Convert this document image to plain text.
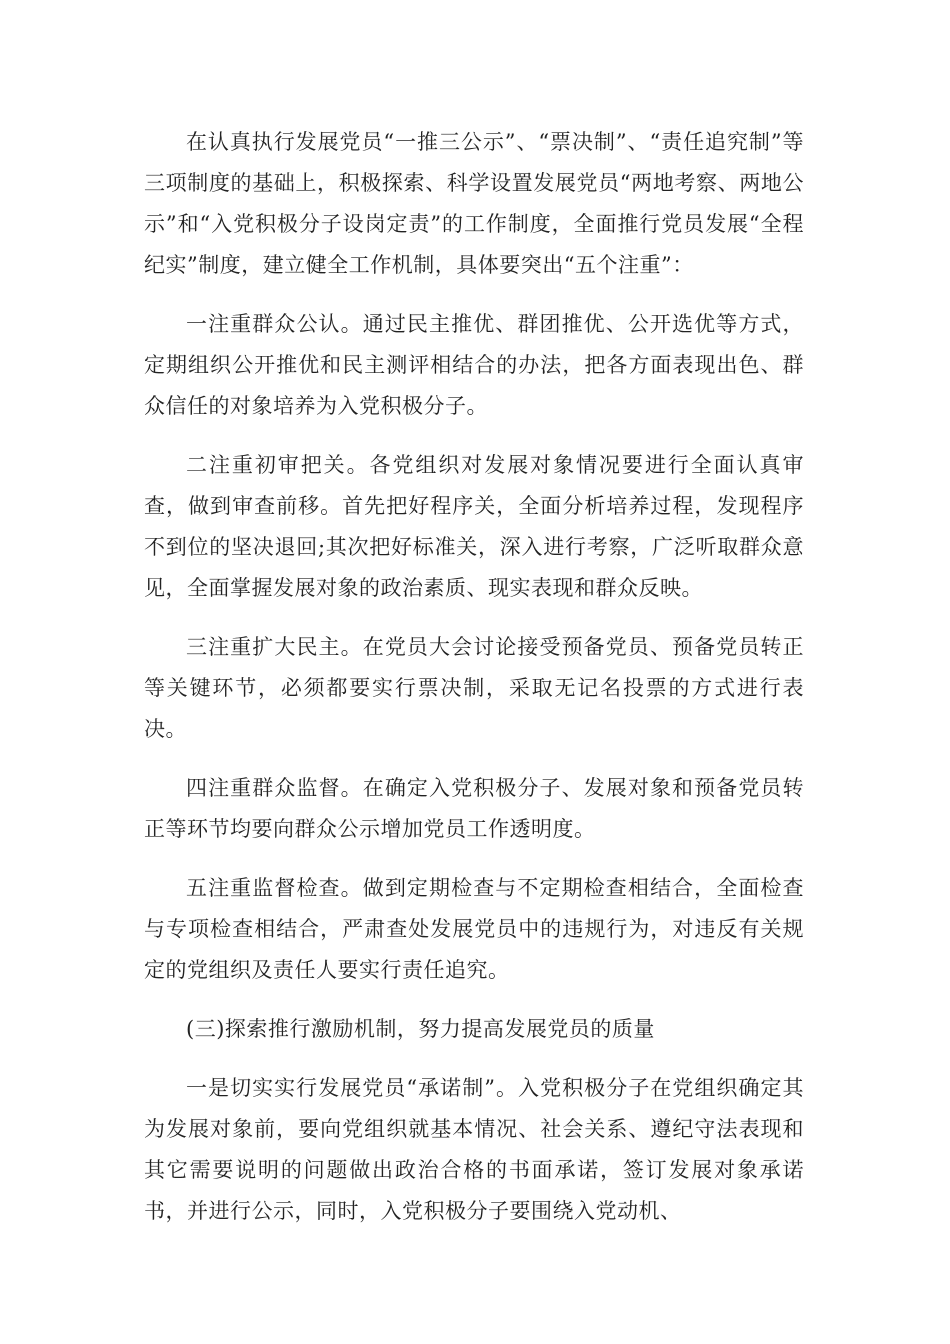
在认真执行发展党员“一推三公示”、“票决制”、“责任追究制”等三项制度的基础上，积极探索、科学设置发展党员“两地考察、两地公示”和“入党积极分子设岗定责”的工作制度，全面推行党员发展“全程纪实”制度，建立健全工作机制，具体要突出“五个注重”：

一注重群众公认。通过民主推优、群团推优、公开选优等方式，定期组织公开推优和民主测评相结合的办法，把各方面表现出色、群众信任的对象培养为入党积极分子。

二注重初审把关。各党组织对发展对象情况要进行全面认真审查，做到审查前移。首先把好程序关，全面分析培养过程，发现程序不到位的坚决退回;其次把好标准关，深入进行考察，广泛听取群众意见，全面掌握发展对象的政治素质、现实表现和群众反映。

三注重扩大民主。在党员大会讨论接受预备党员、预备党员转正等关键环节，必须都要实行票决制，采取无记名投票的方式进行表决。

四注重群众监督。在确定入党积极分子、发展对象和预备党员转正等环节均要向群众公示增加党员工作透明度。

五注重监督检查。做到定期检查与不定期检查相结合，全面检查与专项检查相结合，严肃查处发展党员中的违规行为，对违反有关规定的党组织及责任人要实行责任追究。

(三)探索推行激励机制，努力提高发展党员的质量

一是切实实行发展党员“承诺制”。入党积极分子在党组织确定其为发展对象前，要向党组织就基本情况、社会关系、遵纪守法表现和其它需要说明的问题做出政治合格的书面承诺，签订发展对象承诺书，并进行公示，同时，入党积极分子要围绕入党动机、
